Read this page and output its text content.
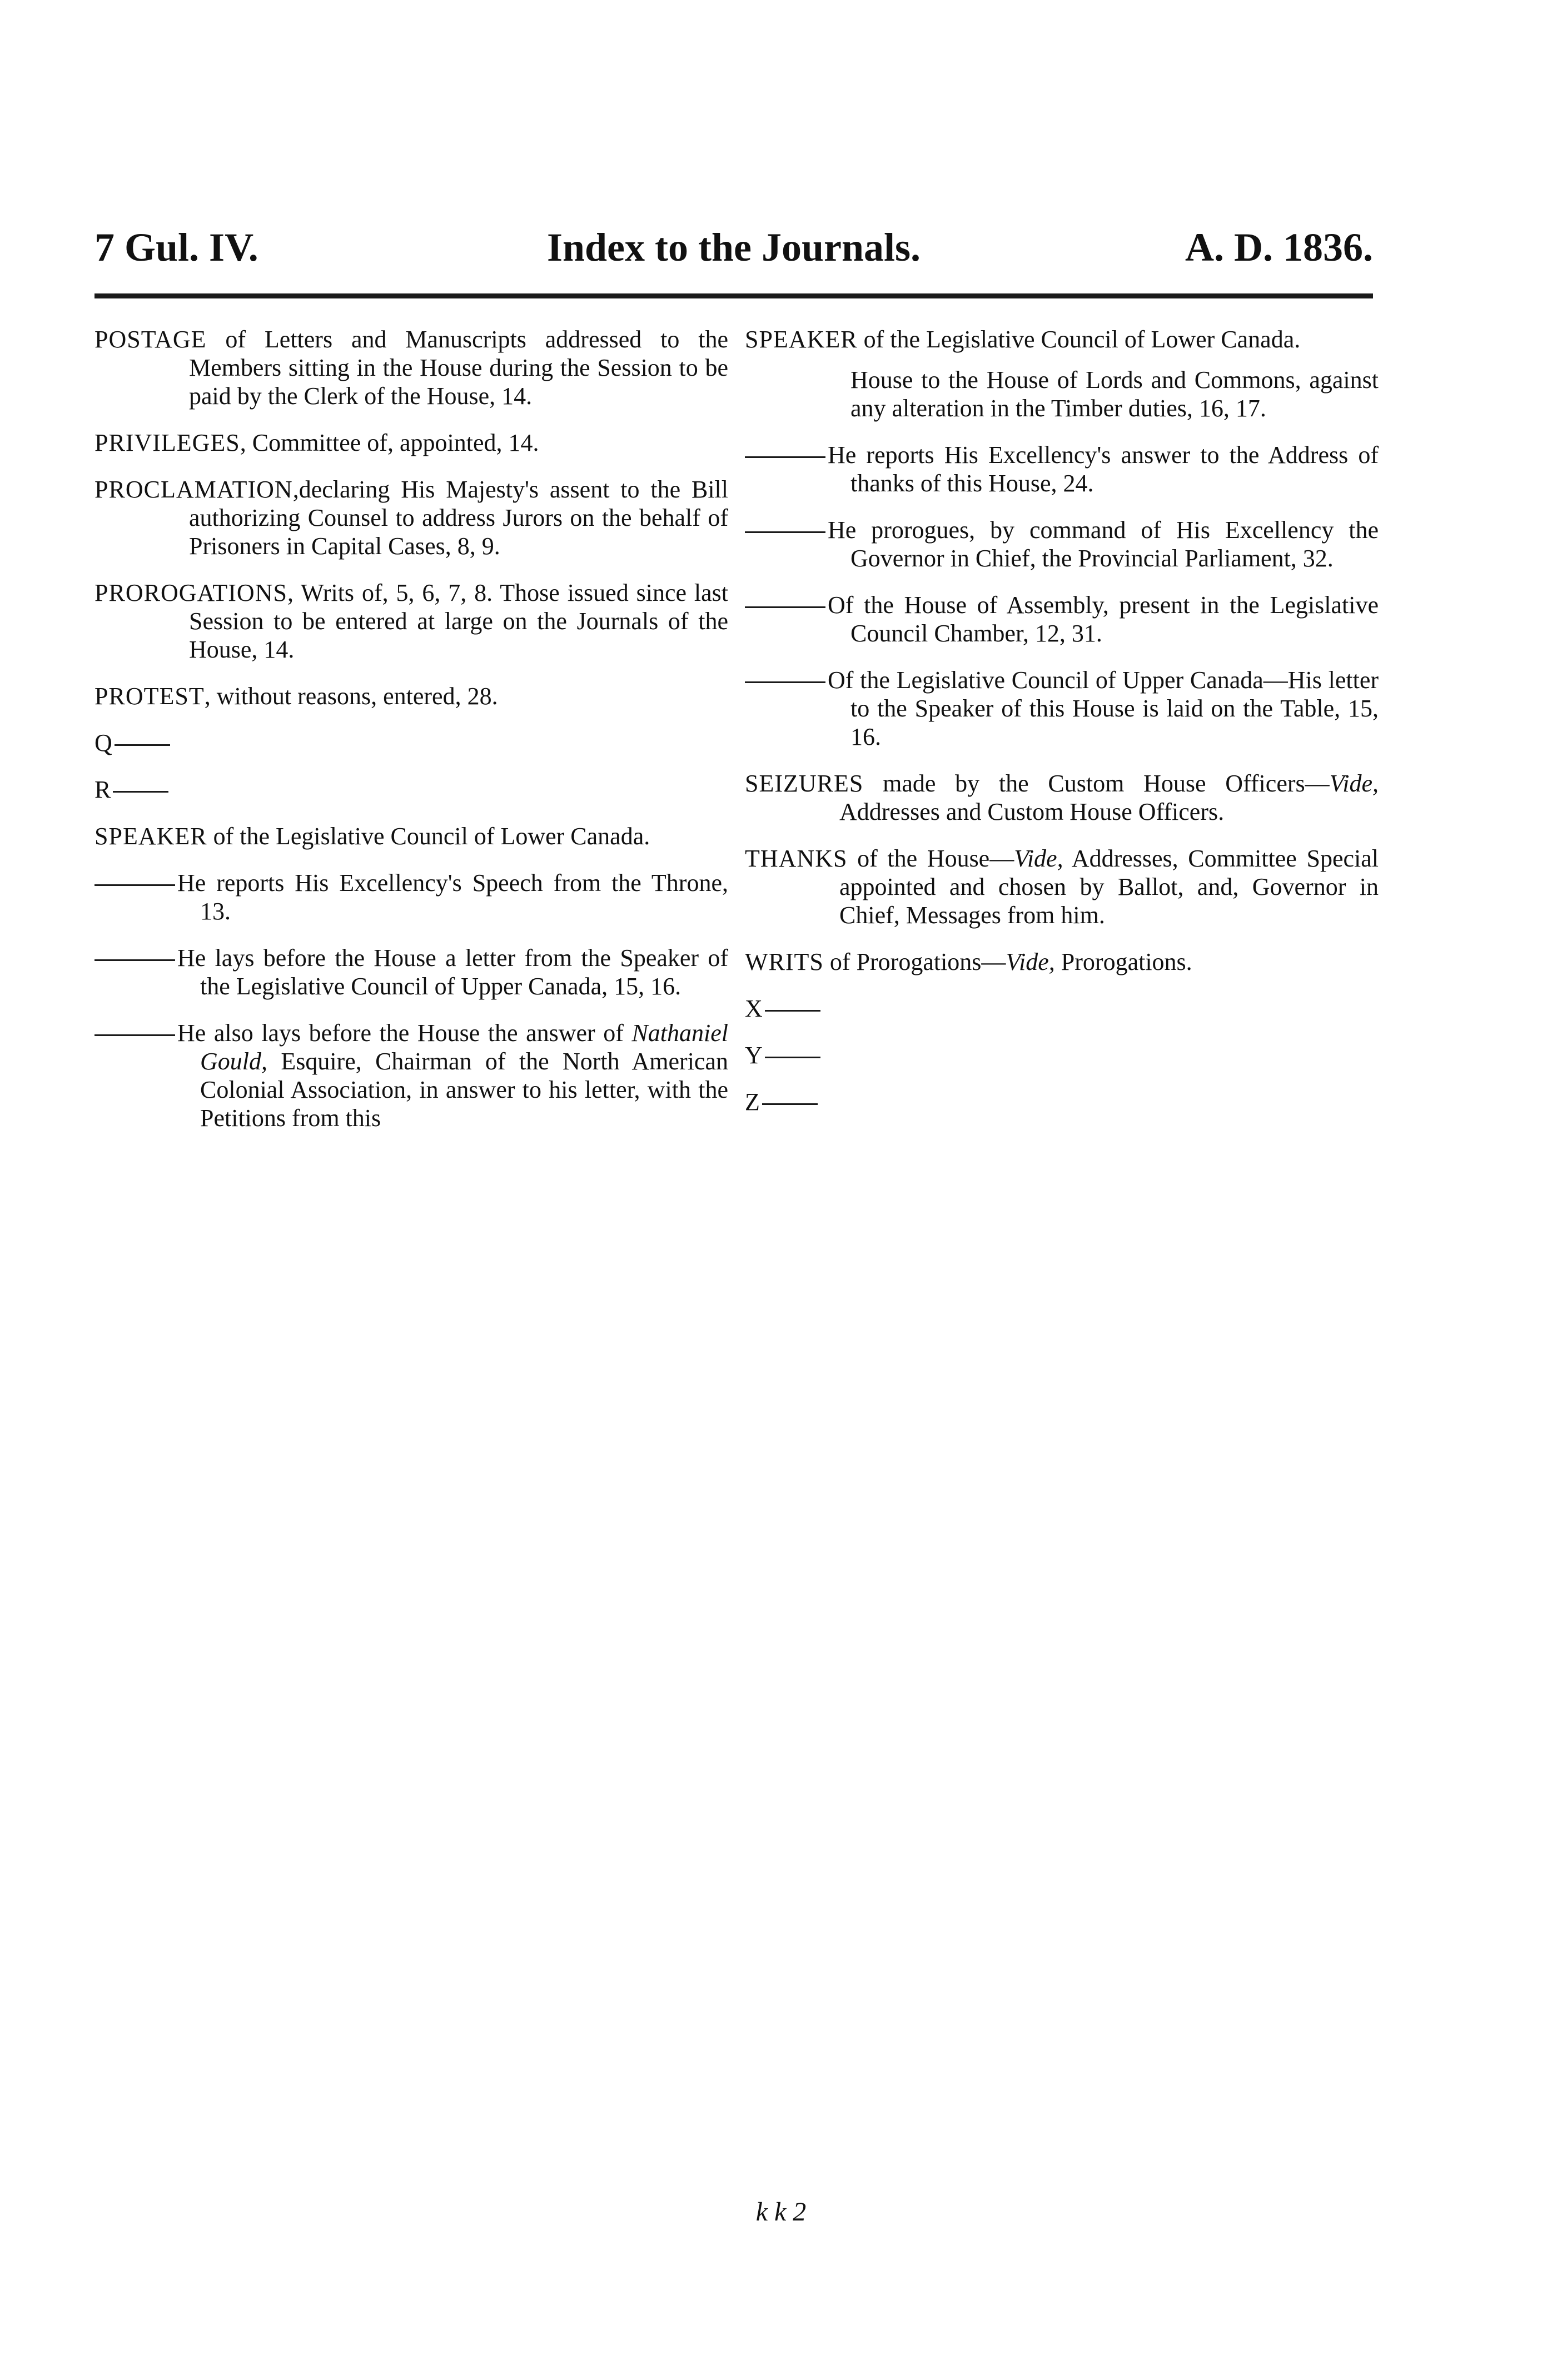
7 Gul. IV.	Index to the Journals.	A. D. 1836.

POSTAGE of Letters and Manuscripts addressed to the Members sitting in the House during the Session to be paid by the Clerk of the House, 14.

PRIVILEGES, Committee of, appointed, 14.

PROCLAMATION,declaring His Majesty's assent to the Bill authorizing Counsel to address Jurors on the behalf of Prisoners in Capital Cases, 8, 9.

PROROGATIONS, Writs of, 5, 6, 7, 8. Those issued since last Session to be entered at large on the Journals of the House, 14.

PROTEST, without reasons, entered, 28.

Q

R

SPEAKER of the Legislative Council of Lower Canada.

He reports His Excellency's Speech from the Throne, 13.

He lays before the House a letter from the Speaker of the Legislative Council of Upper Canada, 15, 16.

He also lays before the House the answer of Nathaniel Gould, Esquire, Chairman of the North American Colonial Association, in answer to his letter, with the Petitions from this

SPEAKER of the Legislative Council of Lower Canada.

House to the House of Lords and Commons, against any alteration in the Timber duties, 16, 17.

He reports His Excellency's answer to the Address of thanks of this House, 24.

He prorogues, by command of His Excellency the Governor in Chief, the Provincial Parliament, 32.

Of the House of Assembly, present in the Legislative Council Chamber, 12, 31.

Of the Legislative Council of Upper Canada—His letter to the Speaker of this House is laid on the Table, 15, 16.

SEIZURES made by the Custom House Officers—Vide, Addresses and Custom House Officers.

THANKS of the House—Vide, Addresses, Committee Special appointed and chosen by Ballot, and, Governor in Chief, Messages from him.

WRITS of Prorogations—Vide, Prorogations.

X

Y

Z

k k 2
